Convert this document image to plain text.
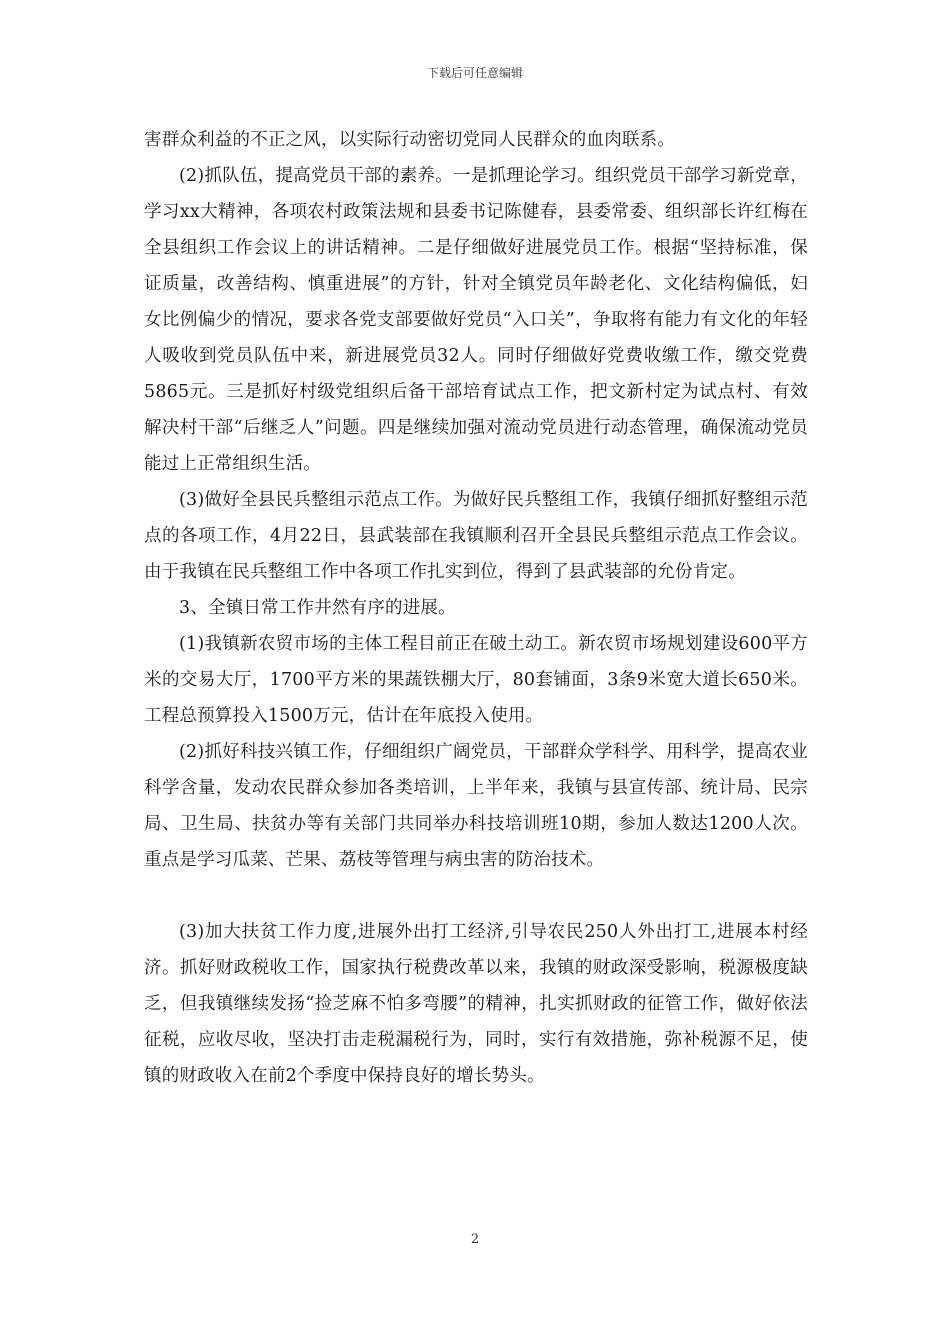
下载后可任意编辑

害群众利益的不正之风，以实际行动密切党同人民群众的血肉联系。

(2)抓队伍，提高党员干部的素养。一是抓理论学习。组织党员干部学习新党章，学习xx大精神，各项农村政策法规和县委书记陈健春，县委常委、组织部长许红梅在全县组织工作会议上的讲话精神。二是仔细做好进展党员工作。根据“坚持标准，保证质量，改善结构、慎重进展”的方针，针对全镇党员年龄老化、文化结构偏低，妇女比例偏少的情况，要求各党支部要做好党员“入口关”，争取将有能力有文化的年轻人吸收到党员队伍中来，新进展党员32人。同时仔细做好党费收缴工作，缴交党费5865元。三是抓好村级党组织后备干部培育试点工作，把文新村定为试点村、有效解决村干部“后继乏人”问题。四是继续加强对流动党员进行动态管理，确保流动党员能过上正常组织生活。

(3)做好全县民兵整组示范点工作。为做好民兵整组工作，我镇仔细抓好整组示范点的各项工作，4月22日，县武装部在我镇顺利召开全县民兵整组示范点工作会议。由于我镇在民兵整组工作中各项工作扎实到位，得到了县武装部的允份肯定。

3、全镇日常工作井然有序的进展。

(1)我镇新农贸市场的主体工程目前正在破土动工。新农贸市场规划建设600平方米的交易大厅，1700平方米的果蔬铁棚大厅，80套铺面，3条9米宽大道长650米。工程总预算投入1500万元，估计在年底投入使用。

(2)抓好科技兴镇工作，仔细组织广阔党员，干部群众学科学、用科学，提高农业科学含量，发动农民群众参加各类培训，上半年来，我镇与县宣传部、统计局、民宗局、卫生局、扶贫办等有关部门共同举办科技培训班10期，参加人数达1200人次。重点是学习瓜菜、芒果、荔枝等管理与病虫害的防治技术。

(3)加大扶贫工作力度,进展外出打工经济,引导农民250人外出打工,进展本村经济。抓好财政税收工作，国家执行税费改革以来，我镇的财政深受影响，税源极度缺乏，但我镇继续发扬“捡芝麻不怕多弯腰”的精神，扎实抓财政的征管工作，做好依法征税，应收尽收，坚决打击走税漏税行为，同时，实行有效措施，弥补税源不足，使镇的财政收入在前2个季度中保持良好的增长势头。

2
